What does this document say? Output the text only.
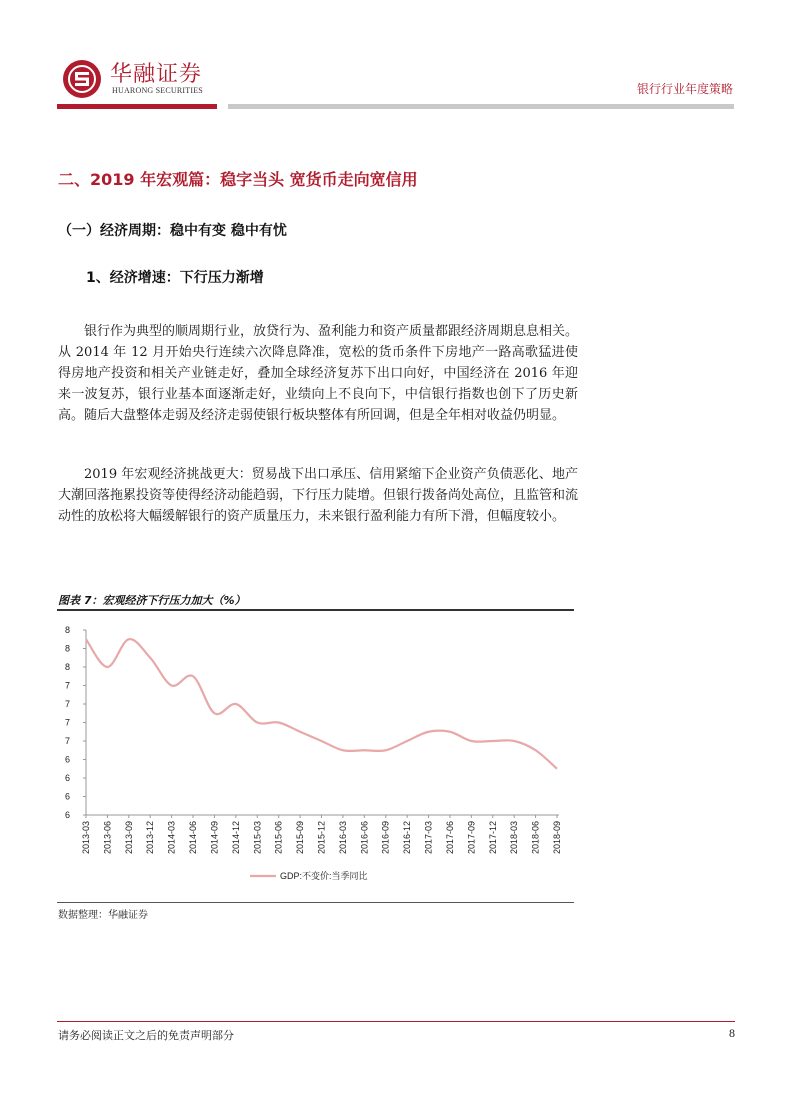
华融证券
HUARONG SECURITIES	银行行业年度策略
二、2019 年宏观篇：稳字当头 宽货币走向宽信用
（一）经济周期：稳中有变 稳中有忧
1、经济增速：下行压力渐增

银行作为典型的顺周期行业，放贷行为、盈利能力和资产质量都跟经济周期息息相关。从 2014 年 12 月开始央行连续六次降息降准，宽松的货币条件下房地产一路高歌猛进使得房地产投资和相关产业链走好，叠加全球经济复苏下出口向好，中国经济在 2016 年迎来一波复苏，银行业基本面逐渐走好，业绩向上不良向下，中信银行指数也创下了历史新高。随后大盘整体走弱及经济走弱使银行板块整体有所回调，但是全年相对收益仍明显。

2019 年宏观经济挑战更大：贸易战下出口承压、信用紧缩下企业资产负债恶化、地产大潮回落拖累投资等使得经济动能趋弱，下行压力陡增。但银行拨备尚处高位，且监管和流动性的放松将大幅缓解银行的资产质量压力，未来银行盈利能力有所下滑，但幅度较小。

图表 7：宏观经济下行压力加大（%）
8
8
8
7
7
7
7
6
6
6
6
2013-03 2013-06 2013-09 2013-12 2014-03 2014-06 2014-09 2014-12 2015-03 2015-06 2015-09 2015-12 2016-03 2016-06 2016-09 2016-12 2017-03 2017-06 2017-09 2017-12 2018-03 2018-06 2018-09
GDP:不变价:当季同比
数据整理：华融证券
请务必阅读正文之后的免责声明部分	8
